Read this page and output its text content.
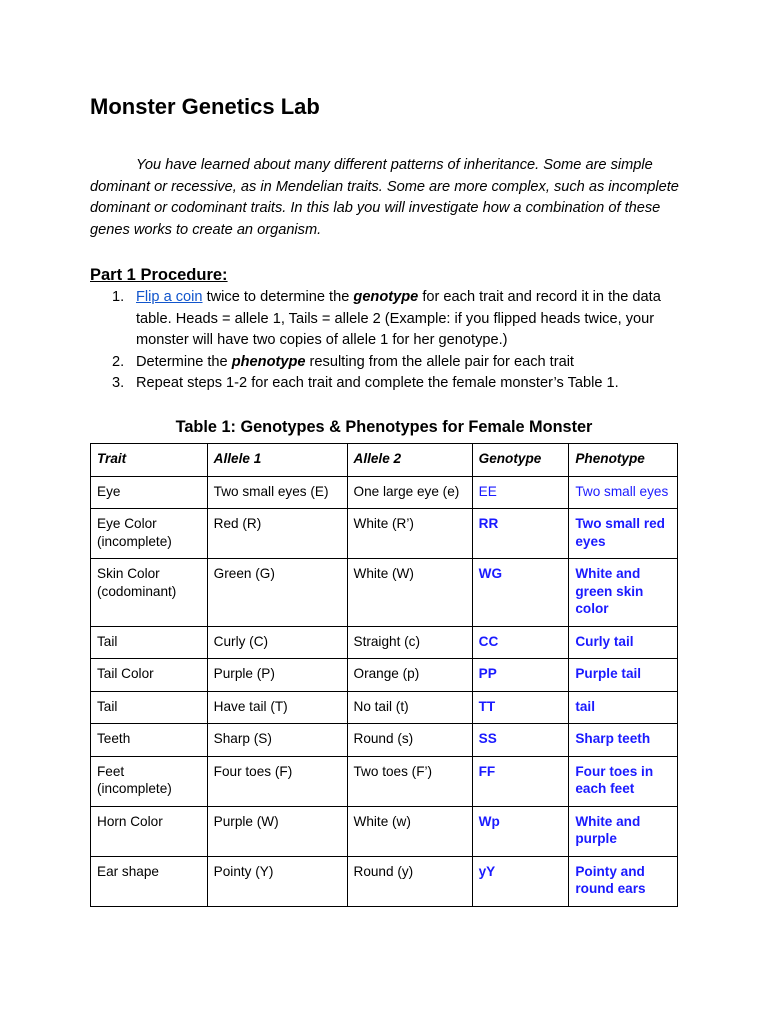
Monster Genetics Lab

You have learned about many different patterns of inheritance. Some are simple dominant or recessive, as in Mendelian traits. Some are more complex, such as incomplete dominant or codominant traits. In this lab you will investigate how a combination of these genes works to create an organism.

Part 1 Procedure:
1. Flip a coin twice to determine the genotype for each trait and record it in the data table. Heads = allele 1, Tails = allele 2 (Example: if you flipped heads twice, your monster will have two copies of allele 1 for her genotype.)
2. Determine the phenotype resulting from the allele pair for each trait
3. Repeat steps 1-2 for each trait and complete the female monster’s Table 1.
Table 1: Genotypes & Phenotypes for Female Monster
Trait	Allele 1	Allele 2	Genotype	Phenotype
Eye	Two small eyes (E)	One large eye (e)	EE	Two small eyes
Eye Color (incomplete)	Red (R)	White (R’)	RR	Two small red eyes
Skin Color (codominant)	Green (G)	White (W)	WG	White and green skin color
Tail	Curly (C)	Straight (c)	CC	Curly tail
Tail Color	Purple (P)	Orange (p)	PP	Purple tail
Tail	Have tail (T)	No tail (t)	TT	tail
Teeth	Sharp (S)	Round (s)	SS	Sharp teeth
Feet (incomplete)	Four toes (F)	Two toes (F’)	FF	Four toes in each feet
Horn Color	Purple (W)	White (w)	Wp	White and purple
Ear shape	Pointy (Y)	Round (y)	yY	Pointy and round ears
